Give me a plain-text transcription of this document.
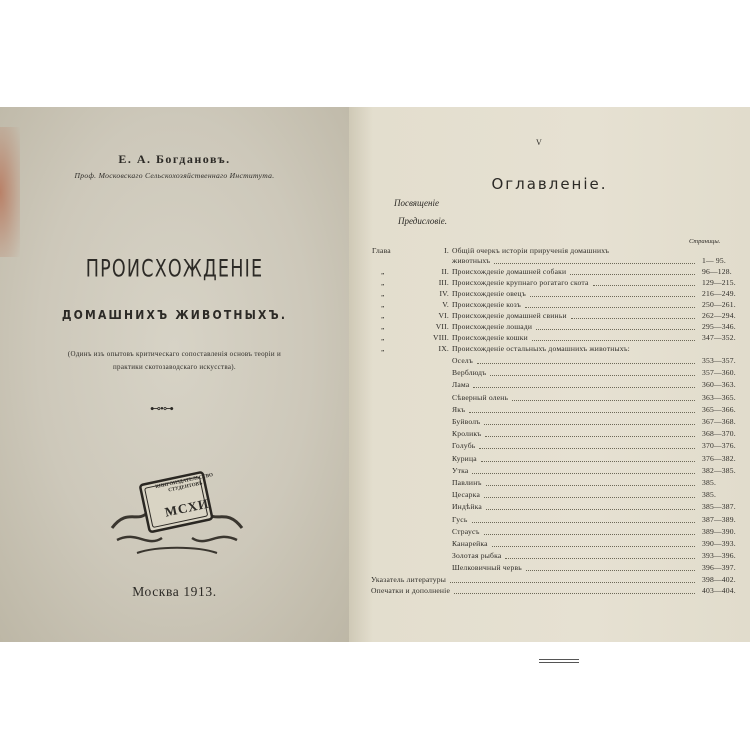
Е. А. Богдановъ.
Проф. Московскаго Сельскохозяйственнаго Института.
ПРОИСХОЖДЕНІЕ
ДОМАШНИХЪ ЖИВОТНЫХЪ.
(Одинъ изъ опытовъ критическаго сопоставленія основъ теоріи и
практики скотозаводскаго искусства).
⊷•⊶
КНИГОИЗДАТЕЛЬСТВО СТУДЕНТОВЪ
МСХИ
Москва 1913.
V
Оглавленіе.
Посвященіе
Предисловіе.
Страницы.
Глава	I. Общій очеркъ исторіи прирученія домашнихъ
животныхъ	1— 95.
„	II. Происхожденіе домашней собаки	96—128.
„	III. Происхожденіе крупнаго рогатаго скота	129—215.
„	IV. Происхожденіе овецъ	216—249.
„	V. Происхожденіе козъ	250—261.
„	VI. Происхожденіе домашней свиньи	262—294.
„	VII. Происхожденіе лошади	295—346.
„	VIII. Происхожденіе кошки	347—352.
„	IX. Происхожденіе остальныхъ домашнихъ животныхъ:
Оселъ	353—357.
Верблюдъ	357—360.
Лама	360—363.
Сѣверный олень	363—365.
Якъ	365—366.
Буйволъ	367—368.
Кроликъ	368—370.
Голубь	370—376.
Курица	376—382.
Утка	382—385.
Павлинъ	385.
Цесарка	385.
Индѣйка	385—387.
Гусь	387—389.
Страусъ	389—390.
Канарейка	390—393.
Золотая рыбка	393—396.
Шелковичный червь	396—397.
Указатель литературы	398—402.
Опечатки и дополненіе	403—404.
